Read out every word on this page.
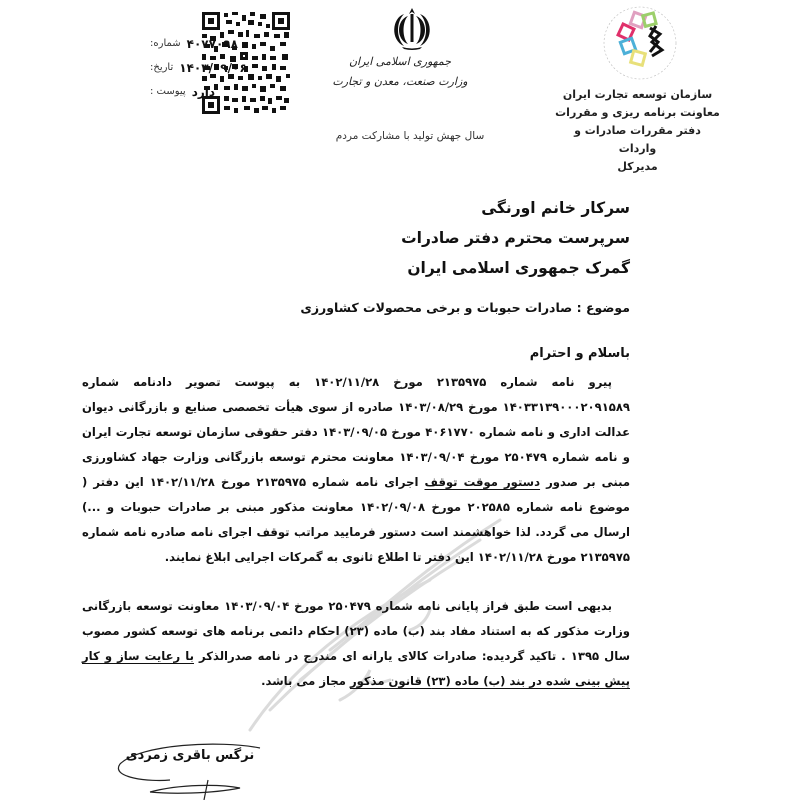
شماره: ۴۰۷۷۰۹۸
تاریخ: ۱۴۰۳/۰۹/۰۶
پیوست : دارد
جمهوری اسلامی ایران
وزارت صنعت، معدن و تجارت
سال جهش تولید با مشارکت مردم
سازمان توسعه تجارت ایران
معاونت برنامه ریزی و مقررات
دفتر مقررات صادرات و واردات
مدیرکل
سرکار خانم اورنگی
سرپرست محترم دفتر صادرات
گمرک جمهوری اسلامی ایران
موضوع : صادرات حبوبات و برخی محصولات کشاورزی
باسلام و احترام

پیرو نامه شماره ۲۱۳۵۹۷۵ مورخ ۱۴۰۲/۱۱/۲۸ به پیوست تصویر دادنامه شماره ۱۴۰۳۳۱۳۹۰۰۰۲۰۹۱۵۸۹ مورخ ۱۴۰۳/۰۸/۲۹ صادره از سوی هیأت تخصصی صنایع و بازرگانی دیوان عدالت اداری و نامه شماره ۴۰۶۱۷۷۰ مورخ ۱۴۰۳/۰۹/۰۵ دفتر حقوقی سازمان توسعه تجارت ایران و نامه شماره ۲۵۰۴۷۹ مورخ ۱۴۰۳/۰۹/۰۴ معاونت محترم توسعه بازرگانی وزارت جهاد کشاورزی مبنی بر صدور دستور موقت توقف اجرای نامه شماره ۲۱۳۵۹۷۵ مورخ ۱۴۰۲/۱۱/۲۸ این دفتر ( موضوع نامه شماره ۲۰۲۵۸۵ مورخ ۱۴۰۲/۰۹/۰۸ معاونت مذکور مبنی بر صادرات حبوبات و ...) ارسال می گردد. لذا خواهشمند است دستور فرمایید مراتب توقف اجرای نامه صادره نامه شماره ۲۱۳۵۹۷۵ مورخ ۱۴۰۲/۱۱/۲۸ این دفتر تا اطلاع ثانوی به گمرکات اجرایی ابلاغ نمایند.

بدیهی است طبق فراز پایانی نامه شماره ۲۵۰۴۷۹ مورخ ۱۴۰۳/۰۹/۰۴ معاونت توسعه بازرگانی وزارت مذکور که به استناد مفاد بند (ب) ماده (۲۳) احکام دائمی برنامه های توسعه کشور مصوب سال ۱۳۹۵ . تاکید گردیده: صادرات کالای یارانه ای مندرج در نامه صدرالذکر با رعایت ساز و کار پیش بینی شده در بند (ب) ماده (۲۳) قانون مذکور مجاز می باشد.

نرگس باقری زمردی
